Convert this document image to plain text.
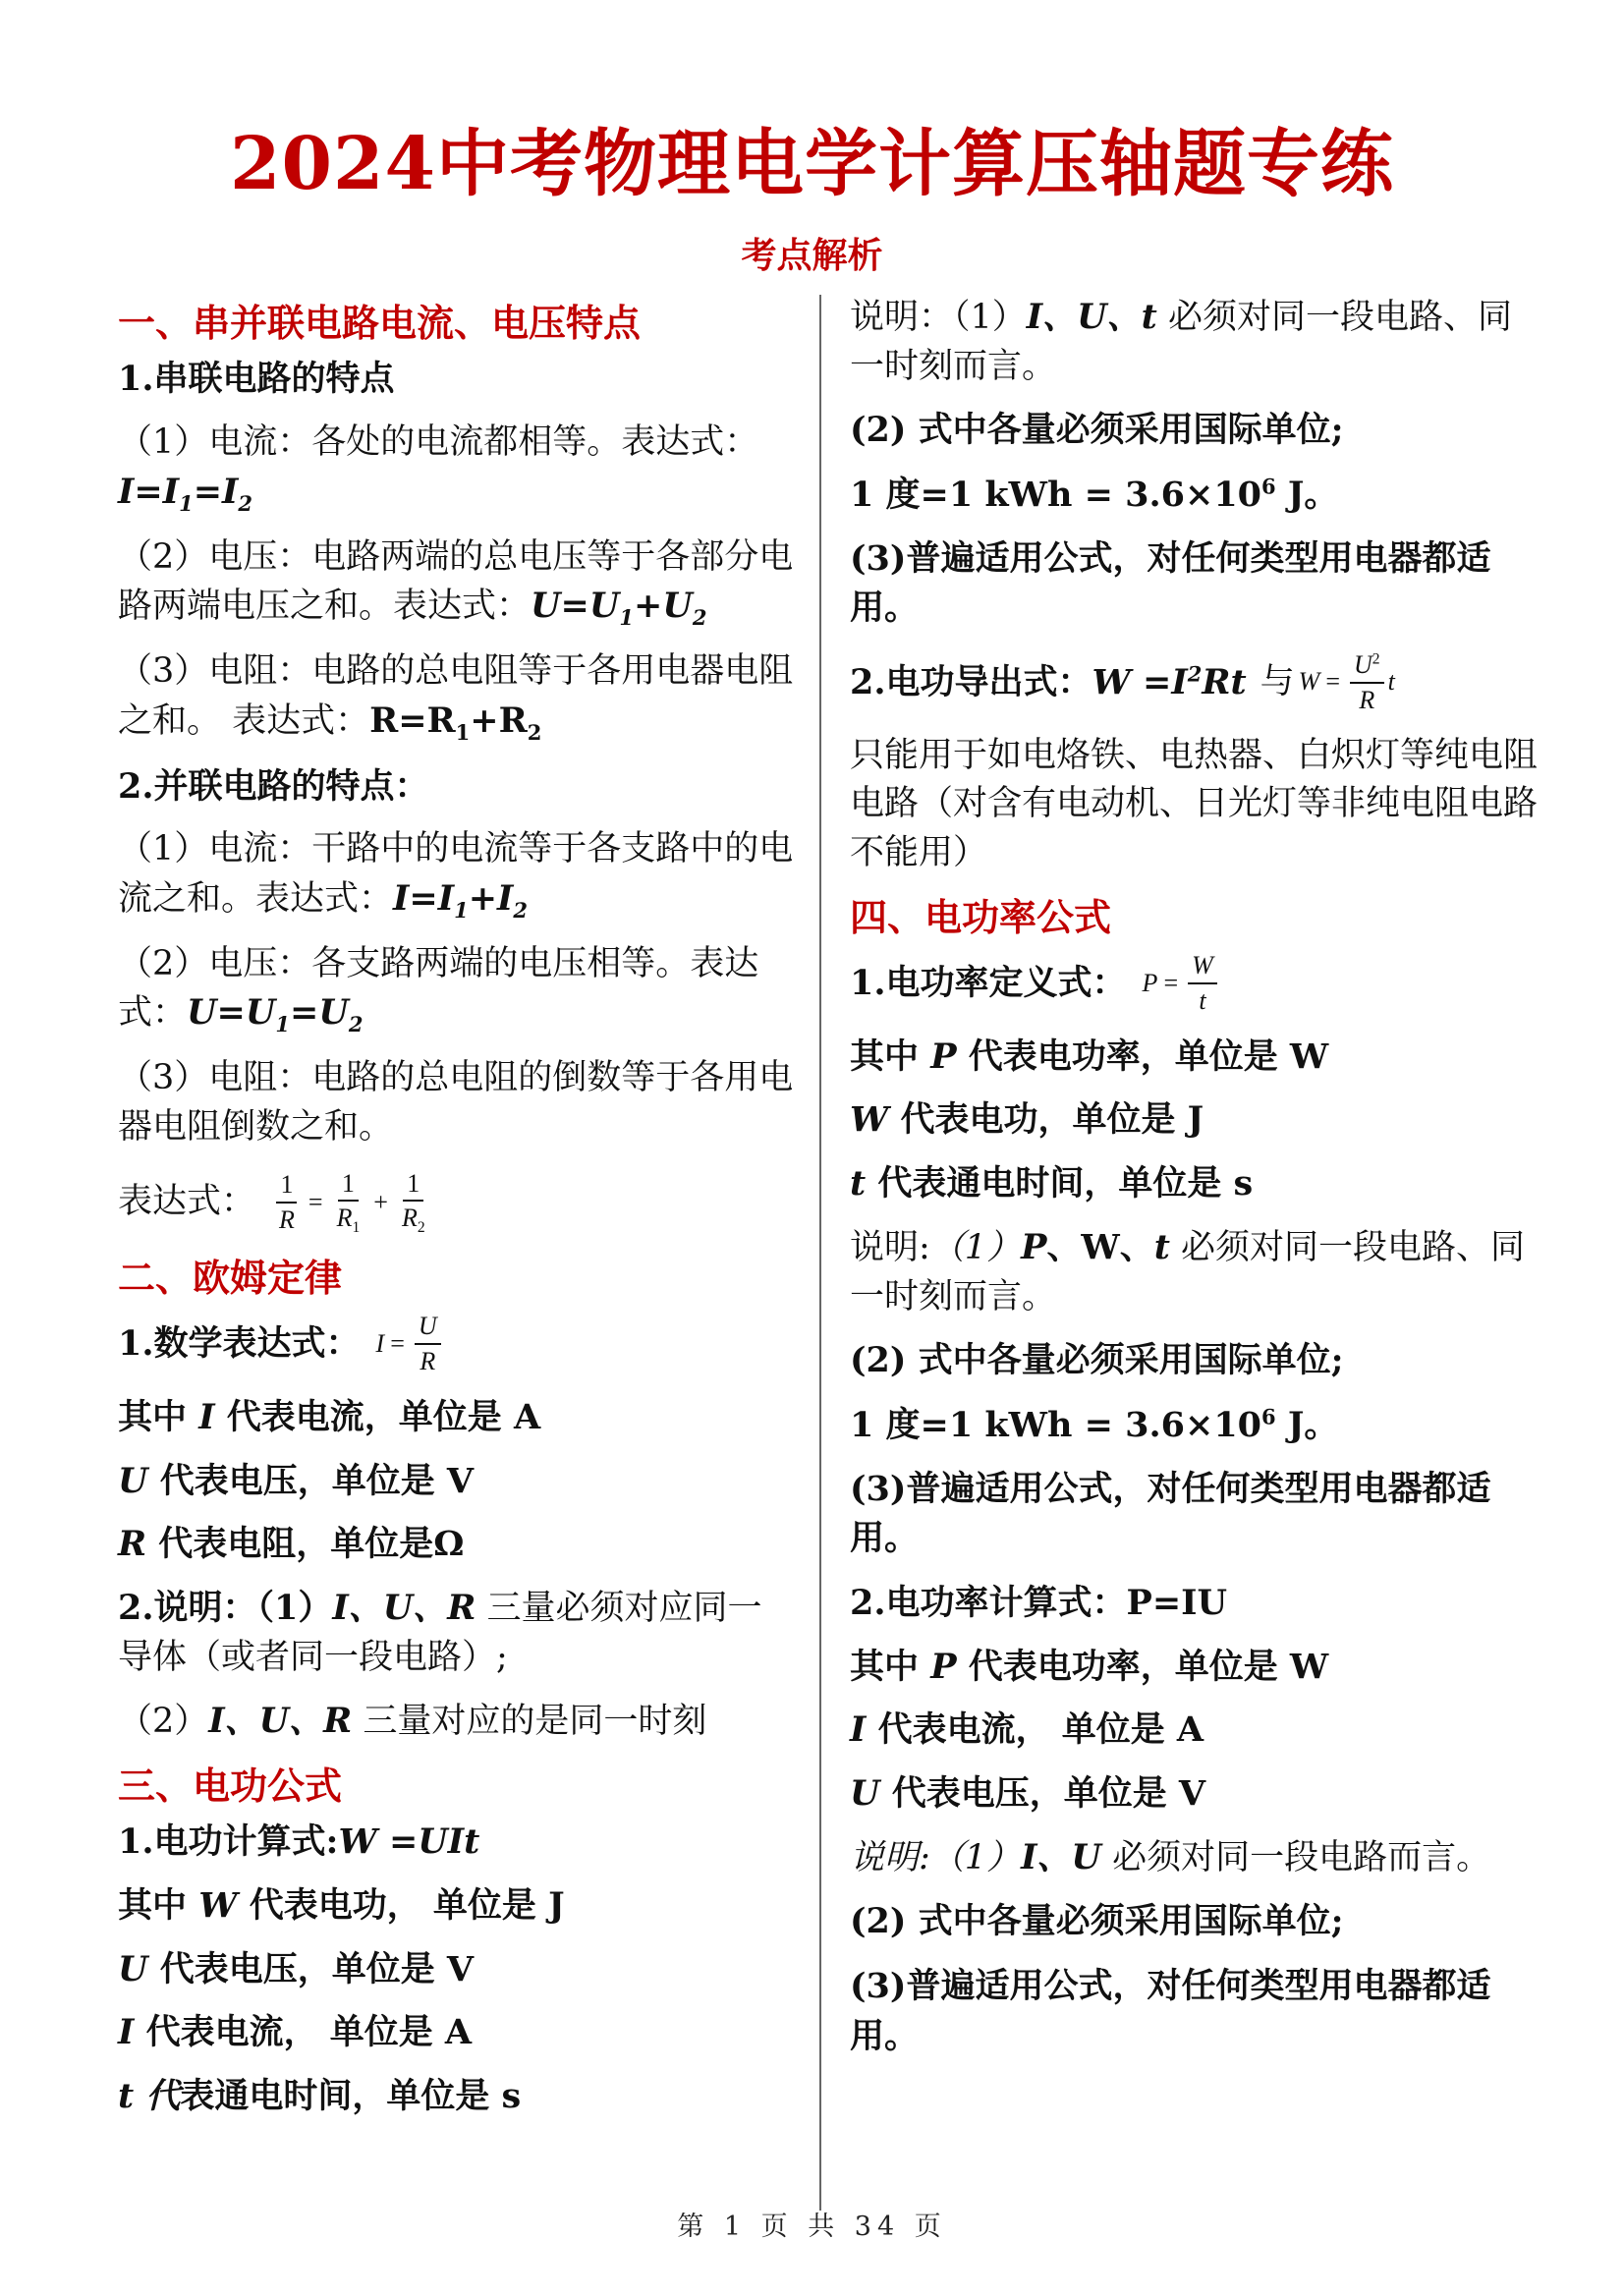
2024中考物理电学计算压轴题专练
考点解析
一、串并联电路电流、电压特点
1.串联电路的特点
（1）电流：各处的电流都相等。表达式：
$I=I_1=I_2$
（2）电压：电路两端的总电压等于各部分电路两端电压之和。表达式：$U=U_1+U_2$
（3）电阻：电路的总电阻等于各用电器电阻之和。 表达式：$R=R_1+R_2$
2.并联电路的特点：
（1）电流：干路中的电流等于各支路中的电流之和。表达式：$I=I_1+I_2$
（2）电压：各支路两端的电压相等。表达式：$U=U_1=U_2$
（3）电阻：电路的总电阻的倒数等于各用电器电阻倒数之和。
表达式： $\frac{1}{R} = \frac{1}{R_1} + \frac{1}{R_2}$
二、欧姆定律
1.数学表达式： $I = \frac{U}{R}$
其中 I 代表电流，单位是 A
U 代表电压，单位是 V
R 代表电阻，单位是Ω
2.说明：（1）I、U、R 三量必须对应同一导体（或者同一段电路）;
（2）I、U、R 三量对应的是同一时刻
三、电功公式
1.电功计算式:W =UIt
其中 W 代表电功， 单位是 J
U 代表电压，单位是 V
I 代表电流， 单位是 A
t 代表通电时间，单位是 s
说明：（1）I、U、t 必须对同一段电路、同一时刻而言。
(2) 式中各量必须采用国际单位;
1 度=1 kWh = $3.6\times 10^6$ J。
(3)普遍适用公式，对任何类型用电器都适用。
2.电功导出式： $W =I^2Rt$ 与 $W = \frac{U^2}{R}$ t
只能用于如电烙铁、电热器、白炽灯等纯电阻电路（对含有电动机、日光灯等非纯电阻电路不能用）
四、电功率公式
1.电功率定义式： $P = \frac{W}{t}$
其中 P 代表电功率，单位是 W
W 代表电功，单位是 J
t 代表通电时间，单位是 s
说明:（1）P、W、t 必须对同一段电路、同一时刻而言。
(2) 式中各量必须采用国际单位;
1 度=1 kWh = $3.6\times 10^6$ J。
(3)普遍适用公式，对任何类型用电器都适用。
2.电功率计算式：P=IU
其中 P 代表电功率，单位是 W
I 代表电流， 单位是 A
U 代表电压，单位是 V
说明:（1）I、U 必须对同一段电路而言。
(2) 式中各量必须采用国际单位;
(3)普遍适用公式，对任何类型用电器都适用。
第 1 页 共 34 页
